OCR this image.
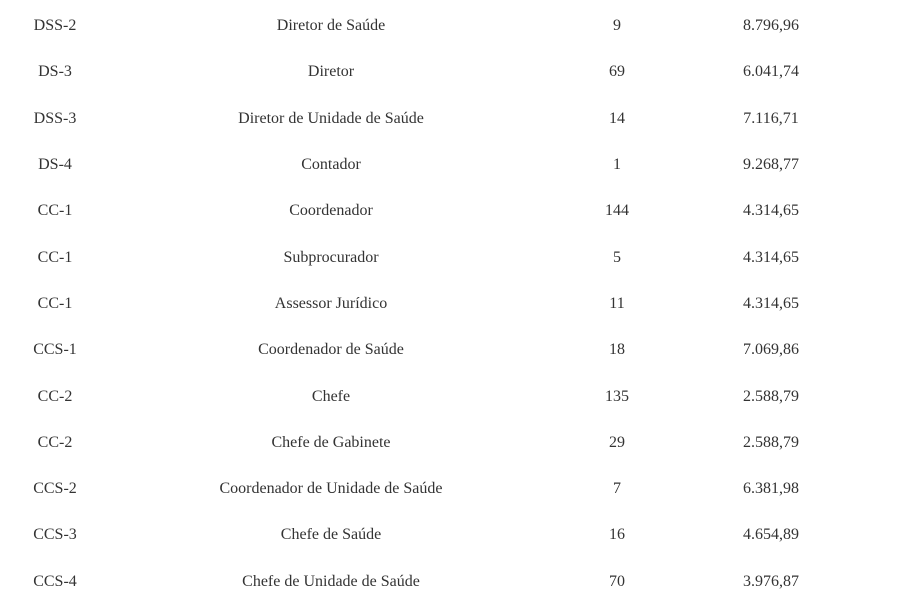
DSS-2	Diretor de Saúde	9	8.796,96
DS-3	Diretor	69	6.041,74
DSS-3	Diretor de Unidade de Saúde	14	7.116,71
DS-4	Contador	1	9.268,77
CC-1	Coordenador	144	4.314,65
CC-1	Subprocurador	5	4.314,65
CC-1	Assessor Jurídico	11	4.314,65
CCS-1	Coordenador de Saúde	18	7.069,86
CC-2	Chefe	135	2.588,79
CC-2	Chefe de Gabinete	29	2.588,79
CCS-2	Coordenador de Unidade de Saúde	7	6.381,98
CCS-3	Chefe de Saúde	16	4.654,89
CCS-4	Chefe de Unidade de Saúde	70	3.976,87
